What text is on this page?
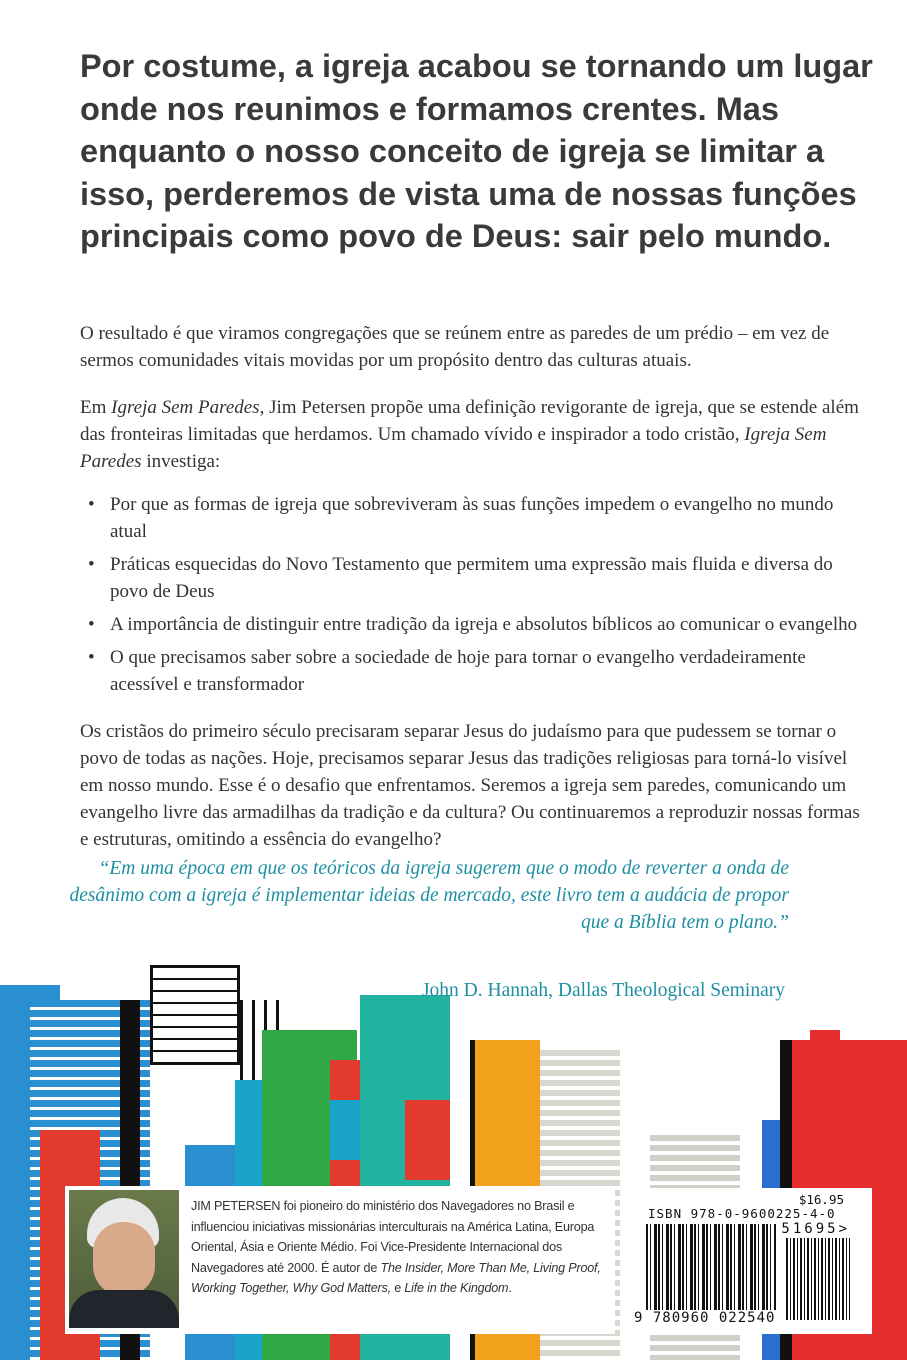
Por costume, a igreja acabou se tornando um lugar onde nos reunimos e formamos crentes. Mas enquanto o nosso conceito de igreja se limitar a isso, perderemos de vista uma de nossas funções principais como povo de Deus: sair pelo mundo.

O resultado é que viramos congregações que se reúnem entre as paredes de um prédio – em vez de sermos comunidades vitais movidas por um propósito dentro das culturas atuais.

Em Igreja Sem Paredes, Jim Petersen propõe uma definição revigorante de igreja, que se estende além das fronteiras limitadas que herdamos. Um chamado vívido e inspirador a todo cristão, Igreja Sem Paredes investiga:

• Por que as formas de igreja que sobreviveram às suas funções impedem o evangelho no mundo atual
• Práticas esquecidas do Novo Testamento que permitem uma expressão mais fluida e diversa do povo de Deus
• A importância de distinguir entre tradição da igreja e absolutos bíblicos ao comunicar o evangelho
• O que precisamos saber sobre a sociedade de hoje para tornar o evangelho verdadeiramente acessível e transformador

Os cristãos do primeiro século precisaram separar Jesus do judaísmo para que pudessem se tornar o povo de todas as nações. Hoje, precisamos separar Jesus das tradições religiosas para torná-lo visível em nosso mundo. Esse é o desafio que enfrentamos. Seremos a igreja sem paredes, comunicando um evangelho livre das armadilhas da tradição e da cultura? Ou continuaremos a reproduzir nossas formas e estruturas, omitindo a essência do evangelho?

“Em uma época em que os teóricos da igreja sugerem que o modo de reverter a onda de desânimo com a igreja é implementar ideias de mercado, este livro tem a audácia de propor que a Bíblia tem o plano.”
John D. Hannah, Dallas Theological Seminary
JIM PETERSEN foi pioneiro do ministério dos Navegadores no Brasil e influenciou iniciativas missionárias interculturais na América Latina, Europa Oriental, Ásia e Oriente Médio. Foi Vice-Presidente Internacional dos Navegadores até 2000. É autor de The Insider, More Than Me, Living Proof, Working Together, Why God Matters, e Life in the Kingdom.
$16.95
ISBN 978-0-9600225-4-0
51695>
9 780960 022540
